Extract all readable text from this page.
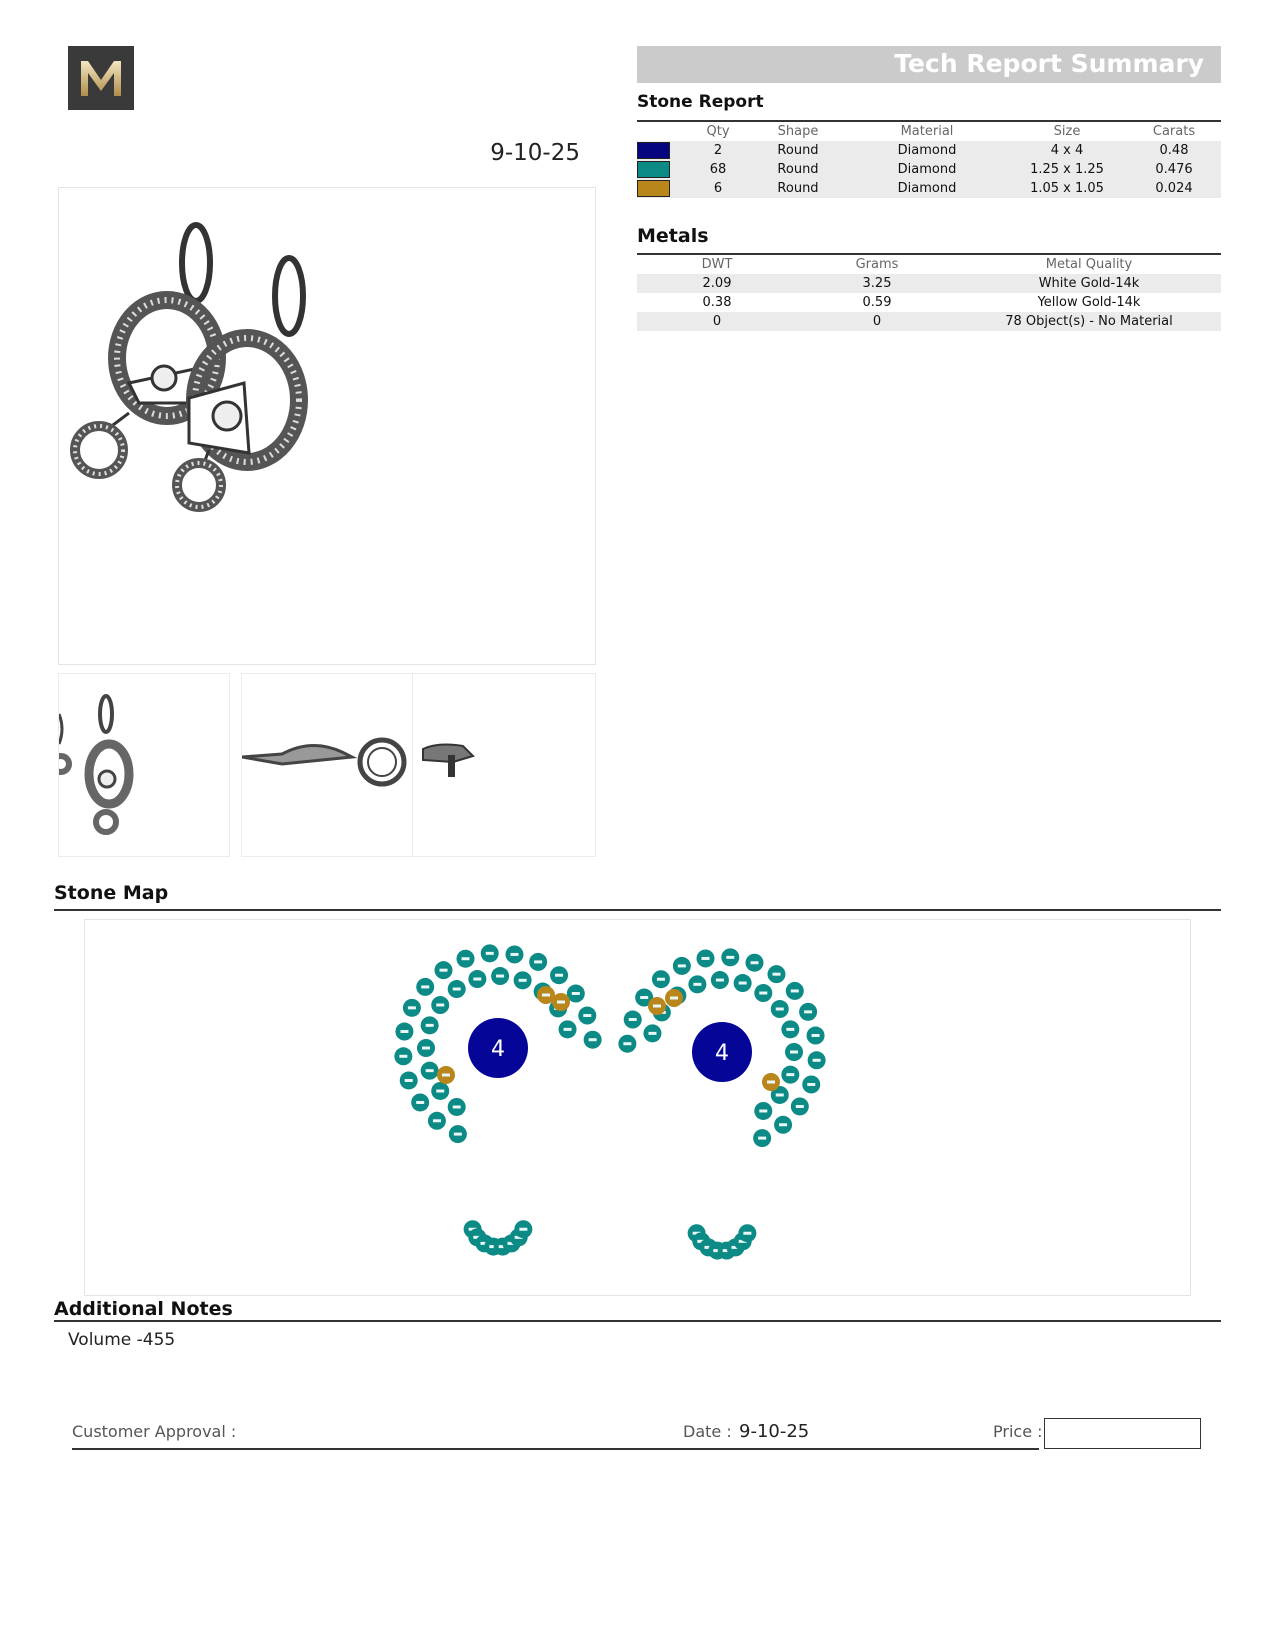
9-10-25
Tech Report Summary
Stone Report
	Qty	Shape	Material	Size	Carats
	2	Round	Diamond	4 x 4	0.48
	68	Round	Diamond	1.25 x 1.25	0.476
	6	Round	Diamond	1.05 x 1.05	0.024
Metals
DWT	Grams	Metal Quality
2.09	3.25	White Gold-14k
0.38	0.59	Yellow Gold-14k
0	0	78 Object(s) - No Material
Stone Map
4	4
Additional Notes
Volume -455
Customer Approval :	Date : 9-10-25	Price :
